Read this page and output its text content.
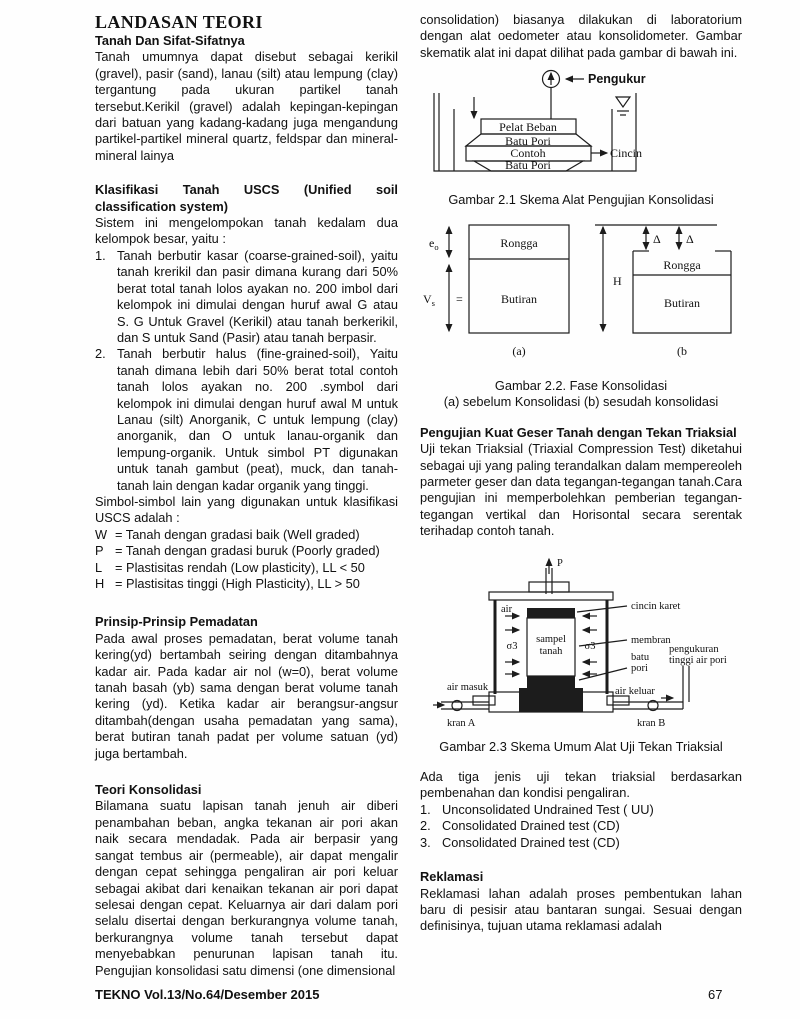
LANDASAN TEORI
Tanah Dan Sifat-Sifatnya

Tanah umumnya dapat disebut sebagai kerikil (gravel), pasir (sand), lanau (silt) atau lempung (clay) tergantung pada ukuran partikel tanah tersebut.Kerikil (gravel) adalah kepingan-kepingan dari batuan yang kadang-kadang juga mengandung partikel-partikel mineral quartz, feldspar dan mineral-mineral lainya

Klasifikasi Tanah USCS (Unified soil classification system)

Sistem ini mengelompokan tanah kedalam dua kelompok besar, yaitu :

1. Tanah berbutir kasar (coarse-grained-soil), yaitu tanah krerikil dan pasir dimana kurang dari 50% berat total tanah lolos ayakan no. 200 imbol dari kelompok ini dimulai dengan huruf awal G atau S. G Untuk Gravel (Kerikil) atau tanah berkerikil, dan S untuk Sand (Pasir) atau tanah berpasir.
2. Tanah berbutir halus (fine-grained-soil), Yaitu tanah dimana lebih dari 50% berat total contoh tanah lolos ayakan no. 200 .symbol dari kelompok ini dimulai dengan huruf awal M untuk Lanau (silt) Anorganik, C untuk lempung (clay) anorganik, dan O untuk lanau-organik dan lempung-organik. Untuk simbol PT digunakan untuk tanah gambut (peat), muck, dan tanah-tanah lain dengan kadar organik yang tinggi.

Simbol-simbol lain yang digunakan untuk klasifikasi USCS adalah :

W = Tanah dengan gradasi baik (Well graded)
P = Tanah dengan gradasi buruk (Poorly graded)
L	= Plastisitas rendah (Low plasticity), LL < 50
H = Plastisitas tinggi (High Plasticity), LL > 50
Prinsip-Prinsip Pemadatan

Pada awal proses pemadatan, berat volume tanah kering(yd) bertambah seiring dengan ditambahnya kadar air. Pada kadar air nol (w=0), berat volume tanah basah (yb) sama dengan berat volume tanah kering (yd). Ketika kadar air berangsur-angsur ditambah(dengan usaha pemadatan yang sama), berat butiran tanah padat per volume satuan (yd) juga bertambah.

Teori Konsolidasi

Bilamana suatu lapisan tanah jenuh air diberi penambahan beban, angka tekanan air pori akan naik secara mendadak. Pada air berpasir yang sangat tembus air (permeable), air dapat mengalir dengan cepat sehingga pengaliran air pori keluar sebagai akibat dari kenaikan tekanan air pori dapat selesai dengan cepat. Keluarnya air dari dalam pori selalu disertai dengan berkurangnya volume tanah, berkurangnya volume tanah tersebut dapat menyebabkan penurunan lapisan tanah itu. Pengujian konsolidasi satu dimensi (one dimensional

consolidation) biasanya dilakukan di laboratorium dengan alat oedometer atau konsolidometer. Gambar skematik alat ini dapat dilihat pada gambar di bawah ini.

Pengukur
Pelat Beban
Batu Pori
Contoh
Batu Pori
Cincin

Gambar 2.1 Skema Alat Pengujian Konsolidasi

Rongga
Butiran
$e_o$
$V_s$ =
H
Δ Δ
Rongga
Butiran
(a)	(b

Gambar 2.2. Fase Konsolidasi

(a) sebelum Konsolidasi (b) sesudah konsolidasi

Pengujian Kuat Geser Tanah dengan Tekan Triaksial

Uji tekan Triaksial (Triaxial Compression Test) diketahui sebagai uji yang paling terandalkan dalam mempereoleh parmeter geser dan data tegangan-tegangan tanah.Cara pengujian ini memperbolehkan pemberian tegangan-tegangan vertikal dan Horisontal secara serentak terihadap contoh tanah.

P
air
sampel
tanah
σ3	σ3
cincin karet
membran
batu
pori
pengukuran
tinggi air pori
air masuk	air keluar
kran A	kran B

Gambar 2.3 Skema Umum Alat Uji Tekan Triaksial

Ada tiga jenis uji tekan triaksial berdasarkan pembenahan dan kondisi pengaliran.

1. Unconsolidated Undrained Test ( UU)
2. Consolidated Drained test (CD)
3. Consolidated Drained test (CD)
Reklamasi

Reklamasi lahan adalah proses pembentukan lahan baru di pesisir atau bantaran sungai. Sesuai dengan definisinya, tujuan utama reklamasi adalah

TEKNO Vol.13/No.64/Desember 2015	67
